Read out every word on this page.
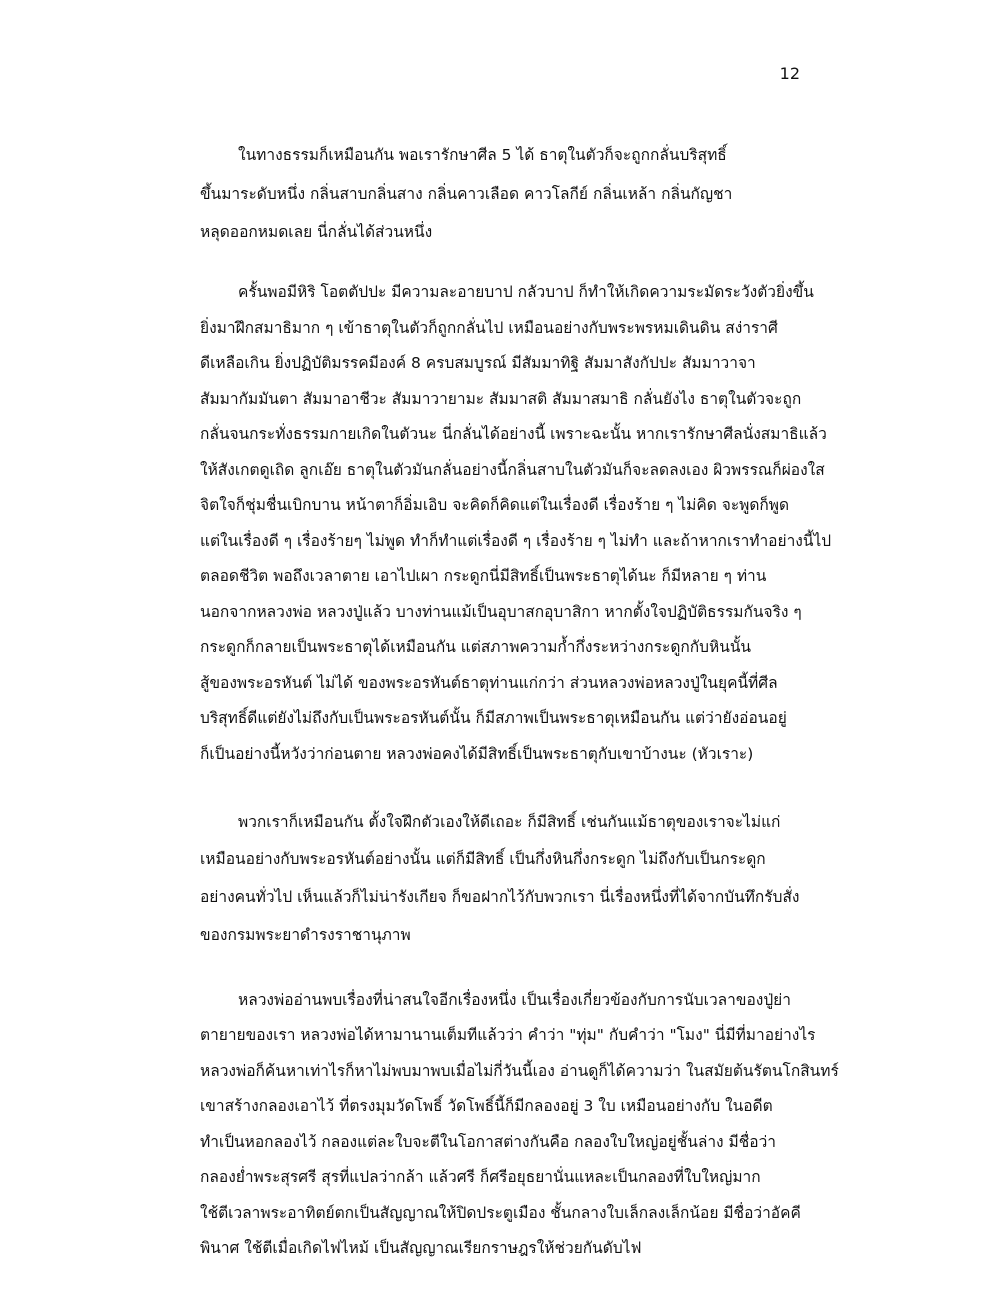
12
ในทางธรรมก็เหมือนกัน พอเรารักษาศีล 5 ได้ ธาตุในตัวก็จะถูกกลั่นบริสุทธิ์
ขึ้นมาระดับหนึ่ง กลิ่นสาบกลิ่นสาง กลิ่นคาวเลือด คาวโลกีย์ กลิ่นเหล้า กลิ่นกัญชา
หลุดออกหมดเลย นี่กลั่นได้ส่วนหนึ่ง
ครั้นพอมีหิริ โอตตัปปะ มีความละอายบาป กลัวบาป ก็ทำให้เกิดความระมัดระวังตัวยิ่งขึ้น
ยิ่งมาฝึกสมาธิมาก ๆ เข้าธาตุในตัวก็ถูกกลั่นไป เหมือนอย่างกับพระพรหมเดินดิน สง่าราศี
ดีเหลือเกิน ยิ่งปฏิบัติมรรคมีองค์ 8 ครบสมบูรณ์ มีสัมมาทิฐิ สัมมาสังกัปปะ สัมมาวาจา
สัมมากัมมันตา สัมมาอาชีวะ สัมมาวายามะ สัมมาสติ สัมมาสมาธิ กลั่นยังไง ธาตุในตัวจะถูก
กลั่นจนกระทั่งธรรมกายเกิดในตัวนะ นี่กลั่นได้อย่างนี้ เพราะฉะนั้น หากเรารักษาศีลนั่งสมาธิแล้ว
ให้สังเกตดูเถิด ลูกเอ๊ย ธาตุในตัวมันกลั่นอย่างนี้กลิ่นสาบในตัวมันก็จะลดลงเอง ผิวพรรณก็ผ่องใส
จิตใจก็ชุ่มชื่นเบิกบาน หน้าตาก็อิ่มเอิบ จะคิดก็คิดแต่ในเรื่องดี เรื่องร้าย ๆ ไม่คิด จะพูดก็พูด
แต่ในเรื่องดี ๆ เรื่องร้ายๆ ไม่พูด ทำก็ทำแต่เรื่องดี ๆ เรื่องร้าย ๆ ไม่ทำ และถ้าหากเราทำอย่างนี้ไป
ตลอดชีวิต พอถึงเวลาตาย เอาไปเผา กระดูกนี่มีสิทธิ์เป็นพระธาตุได้นะ ก็มีหลาย ๆ ท่าน
นอกจากหลวงพ่อ หลวงปู่แล้ว บางท่านแม้เป็นอุบาสกอุบาสิกา หากตั้งใจปฏิบัติธรรมกันจริง ๆ
กระดูกก็กลายเป็นพระธาตุได้เหมือนกัน แต่สภาพความก้ำกึ่งระหว่างกระดูกกับหินนั้น
สู้ของพระอรหันต์ ไม่ได้ ของพระอรหันต์ธาตุท่านแก่กว่า ส่วนหลวงพ่อหลวงปู่ในยุคนี้ที่ศีล
บริสุทธิ์ดีแต่ยังไม่ถึงกับเป็นพระอรหันต์นั้น ก็มีสภาพเป็นพระธาตุเหมือนกัน แต่ว่ายังอ่อนอยู่
ก็เป็นอย่างนี้หวังว่าก่อนตาย หลวงพ่อคงได้มีสิทธิ์เป็นพระธาตุกับเขาบ้างนะ (หัวเราะ)
พวกเราก็เหมือนกัน ตั้งใจฝึกตัวเองให้ดีเถอะ ก็มีสิทธิ์ เช่นกันแม้ธาตุของเราจะไม่แก่
เหมือนอย่างกับพระอรหันต์อย่างนั้น แต่ก็มีสิทธิ์ เป็นกึ่งหินกึ่งกระดูก ไม่ถึงกับเป็นกระดูก
อย่างคนทั่วไป เห็นแล้วก็ไม่น่ารังเกียจ ก็ขอฝากไว้กับพวกเรา นี่เรื่องหนึ่งที่ได้จากบันทึกรับสั่ง
ของกรมพระยาดำรงราชานุภาพ
หลวงพ่ออ่านพบเรื่องที่น่าสนใจอีกเรื่องหนึ่ง เป็นเรื่องเกี่ยวข้องกับการนับเวลาของปู่ย่า
ตายายของเรา หลวงพ่อได้หามานานเต็มทีแล้วว่า คำว่า "ทุ่ม" กับคำว่า "โมง" นี่มีที่มาอย่างไร
หลวงพ่อก็ค้นหาเท่าไรก็หาไม่พบมาพบเมื่อไม่กี่วันนี้เอง อ่านดูก็ได้ความว่า ในสมัยต้นรัตนโกสินทร์
เขาสร้างกลองเอาไว้ ที่ตรงมุมวัดโพธิ์ วัดโพธิ์นี้ก็มีกลองอยู่ 3 ใบ เหมือนอย่างกับ ในอดีต
ทำเป็นหอกลองไว้ กลองแต่ละใบจะตีในโอกาสต่างกันคือ กลองใบใหญ่อยู่ชั้นล่าง มีชื่อว่า
กลองย่ำพระสุรศรี สุรที่แปลว่ากล้า แล้วศรี ก็ศรีอยุธยานั่นแหละเป็นกลองที่ใบใหญ่มาก
ใช้ตีเวลาพระอาทิตย์ตกเป็นสัญญาณให้ปิดประตูเมือง ชั้นกลางใบเล็กลงเล็กน้อย มีชื่อว่าอัคคี
พินาศ ใช้ตีเมื่อเกิดไฟไหม้ เป็นสัญญาณเรียกราษฎรให้ช่วยกันดับไฟ
